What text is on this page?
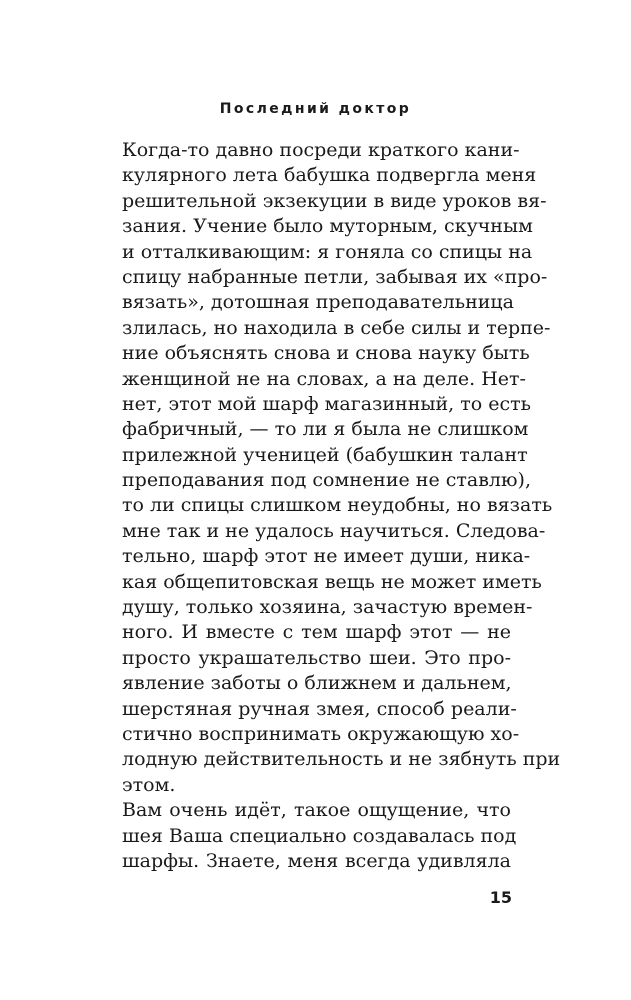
Последний доктор
Когда-то давно посреди краткого кани-
кулярного лета бабушка подвергла меня
решительной экзекуции в виде уроков вя-
зания. Учение было муторным, скучным
и отталкивающим: я гоняла со спицы на
спицу набранные петли, забывая их «про-
вязать», дотошная преподавательница
злилась, но находила в себе силы и терпе-
ние объяснять снова и снова науку быть
женщиной не на словах, а на деле. Нет-
нет, этот мой шарф магазинный, то есть
фабричный, — то ли я была не слишком
прилежной ученицей (бабушкин талант
преподавания под сомнение не ставлю),
то ли спицы слишком неудобны, но вязать
мне так и не удалось научиться. Следова-
тельно, шарф этот не имеет души, ника-
кая общепитовская вещь не может иметь
душу, только хозяина, зачастую времен-
ного. И вместе с тем шарф этот — не
просто украшательство шеи. Это про-
явление заботы о ближнем и дальнем,
шерстяная ручная змея, способ реали-
стично воспринимать окружающую хо-
лодную действительность и не зябнуть при
этом.
Вам очень идёт, такое ощущение, что
шея Ваша специально создавалась под
шарфы. Знаете, меня всегда удивляла
15
